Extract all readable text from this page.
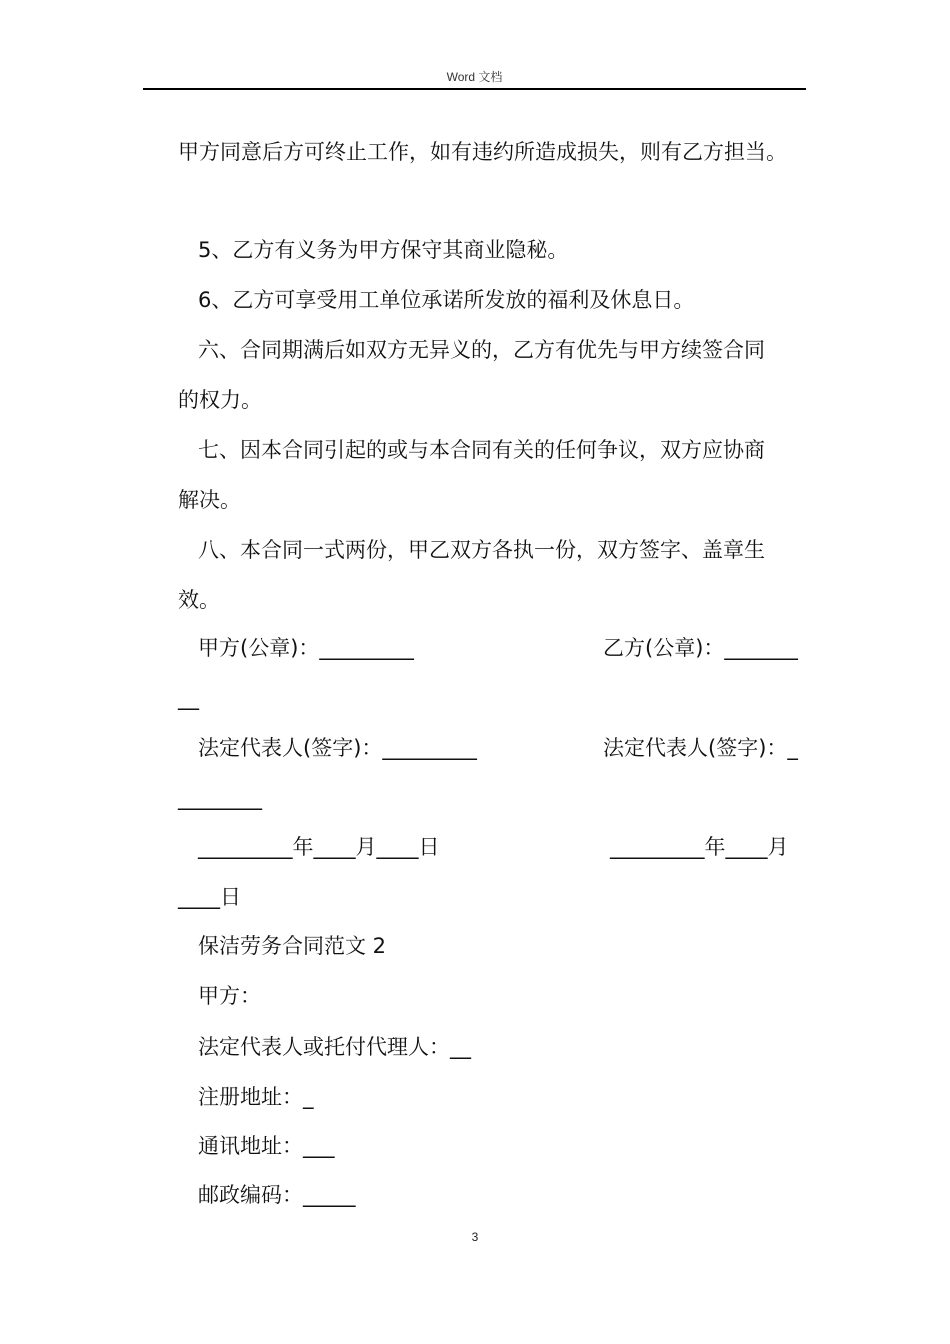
Word 文档
甲方同意后方可终止工作，如有违约所造成损失，则有乙方担当。
5、乙方有义务为甲方保守其商业隐秘。
6、乙方可享受用工单位承诺所发放的福利及休息日。
六、合同期满后如双方无异义的，乙方有优先与甲方续签合同
的权力。
七、因本合同引起的或与本合同有关的任何争议，双方应协商
解决。
八、本合同一式两份，甲乙双方各执一份，双方签字、盖章生
效。
甲方(公章)：_________	乙方(公章)：_______
__
法定代表人(签字)：_________	法定代表人(签字)：_
________
_________年____月____日	_________年____月
____日
保洁劳务合同范文 2
甲方：
法定代表人或托付代理人：__
注册地址：_
通讯地址：___
邮政编码：_____
3
